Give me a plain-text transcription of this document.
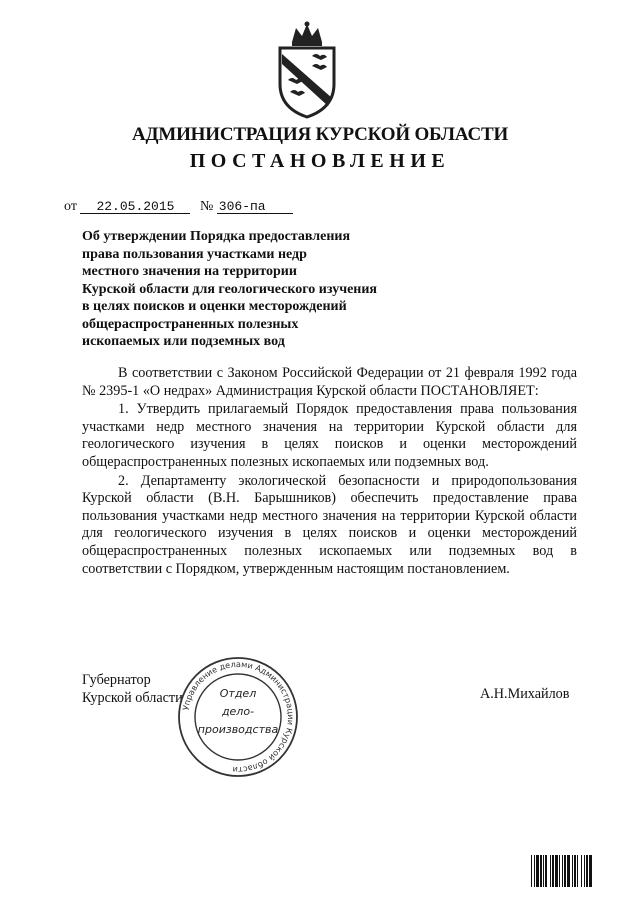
АДМИНИСТРАЦИЯ КУРСКОЙ ОБЛАСТИ
ПОСТАНОВЛЕНИЕ
от 22.05.2015 № 306-па
Об утверждении Порядка предоставления
права пользования участками недр
местного значения на территории
Курской области для геологического изучения
в целях поисков и оценки месторождений
общераспространенных полезных
ископаемых или подземных вод

В соответствии с Законом Российской Федерации от 21 февраля 1992 года № 2395-1 «О недрах» Администрация Курской области ПОСТАНОВЛЯЕТ:

1. Утвердить прилагаемый Порядок предоставления права пользования участками недр местного значения на территории Курской области для геологического изучения в целях поисков и оценки месторождений общераспространенных полезных ископаемых или подземных вод.

2. Департаменту экологической безопасности и природопользования Курской области (В.Н. Барышников) обеспечить предоставление права пользования участками недр местного значения на территории Курской области для геологического изучения в целях поисков и оценки месторождений общераспространенных полезных ископаемых или подземных вод в соответствии с Порядком, утвержденным настоящим постановлением.

Губернатор
Курской области	А.Н.Михайлов
Управление делами Администрации Курской области
Отдел
дело-
производства
